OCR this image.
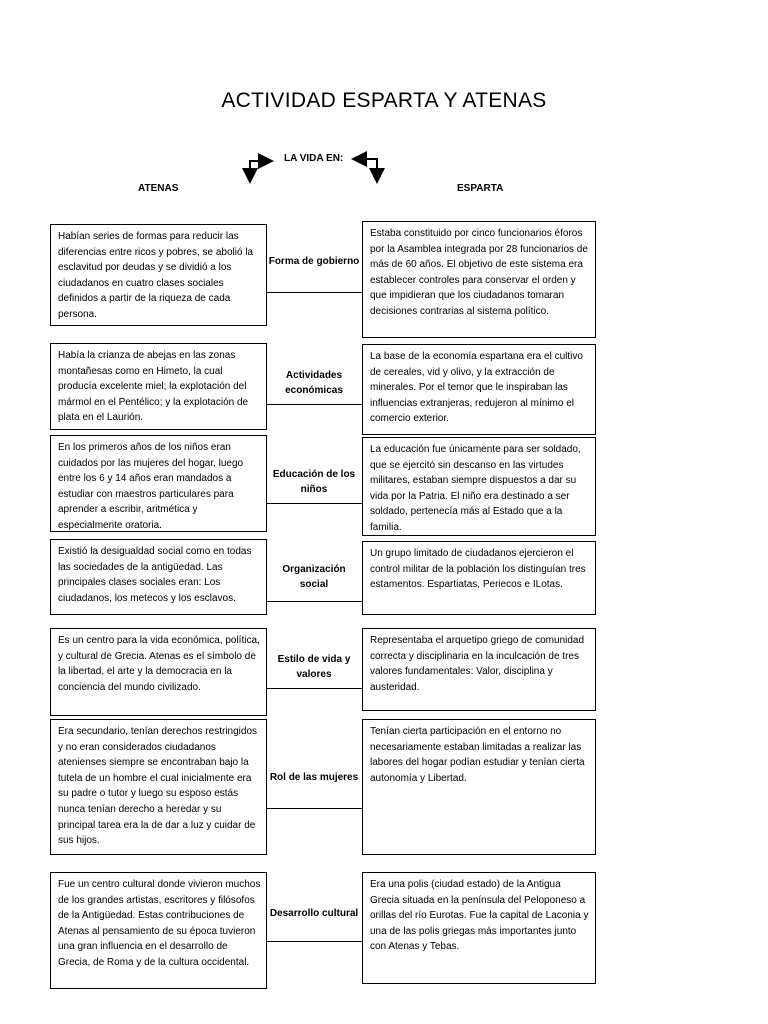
ACTIVIDAD ESPARTA Y ATENAS
LA VIDA EN:
ATENAS	ESPARTA
Habían series de formas para reducir las diferencias entre ricos y pobres, se abolió la esclavitud por deudas y se dividió a los ciudadanos en cuatro clases sociales definidos a partir de la riqueza de cada persona.
Estaba constituido por cinco funcionarios éforos por la Asamblea integrada por 28 funcionarios de más de 60 años. El objetivo de este sistema era establecer controles para conservar el orden y que impidieran que los ciudadanos tomaran decisiones contrarias al sistema político.
Forma de gobierno
Había la crianza de abejas en las zonas montañesas como en Himeto, la cual producía excelente miel; la explotación del mármol en el Pentélico; y la explotación de plata en el Laurión.
La base de la economía espartana era el cultivo de cereales, vid y olivo, y la extracción de minerales. Por el temor que le inspiraban las influencias extranjeras, redujeron al mínimo el comercio exterior.
Actividades económicas
En los primeros años de los niños eran cuidados por las mujeres del hogar, luego entre los 6 y 14 años eran mandados a estudiar con maestros particulares para aprender a escribir, aritmética y especialmente oratoria.
La educación fue únicamente para ser soldado, que se ejercitó sin descanso en las virtudes militares, estaban siempre dispuestos a dar su vida por la Patria. El niño era destinado a ser soldado, pertenecía más al Estado que a la familia.
Educación de los niños
Existió la desigualdad social como en todas las sociedades de la antigüedad. Las principales clases sociales eran: Los ciudadanos, los metecos y los esclavos.
Un grupo limitado de ciudadanos ejercieron el control militar de la población los distinguían tres estamentos. Espartiatas, Periecos e ILotas.
Organización social
Es un centro para la vida económica, política, y cultural de Grecia. Atenas es el símbolo de la libertad, el arte y la democracia en la conciencia del mundo civilizado.
Representaba el arquetipo griego de comunidad correcta y disciplinaria en la inculcación de tres valores fundamentales: Valor, disciplina y austeridad.
Estilo de vida y valores
Era secundario, tenían derechos restringidos y no eran considerados ciudadanos atenienses siempre se encontraban bajo la tutela de un hombre el cual inicialmente era su padre o tutor y luego su esposo estás nunca tenían derecho a heredar y su principal tarea era la de dar a luz y cuidar de sus hijos.
Tenían cierta participación en el entorno no necesariamente estaban limitadas a realizar las labores del hogar podían estudiar y tenían cierta autonomía y Libertad.
Rol de las mujeres
Fue un centro cultural donde vivieron muchos de los grandes artistas, escritores y filósofos de la Antigüedad. Estas contribuciones de Atenas al pensamiento de su época tuvieron una gran influencia en el desarrollo de Grecia, de Roma y de la cultura occidental.
Era una polis (ciudad estado) de la Antigua Grecia situada en la península del Peloponeso a orillas del río Eurotas. Fue la capital de Laconia y una de las polis griegas más importantes junto con Atenas y Tebas.
Desarrollo cultural
